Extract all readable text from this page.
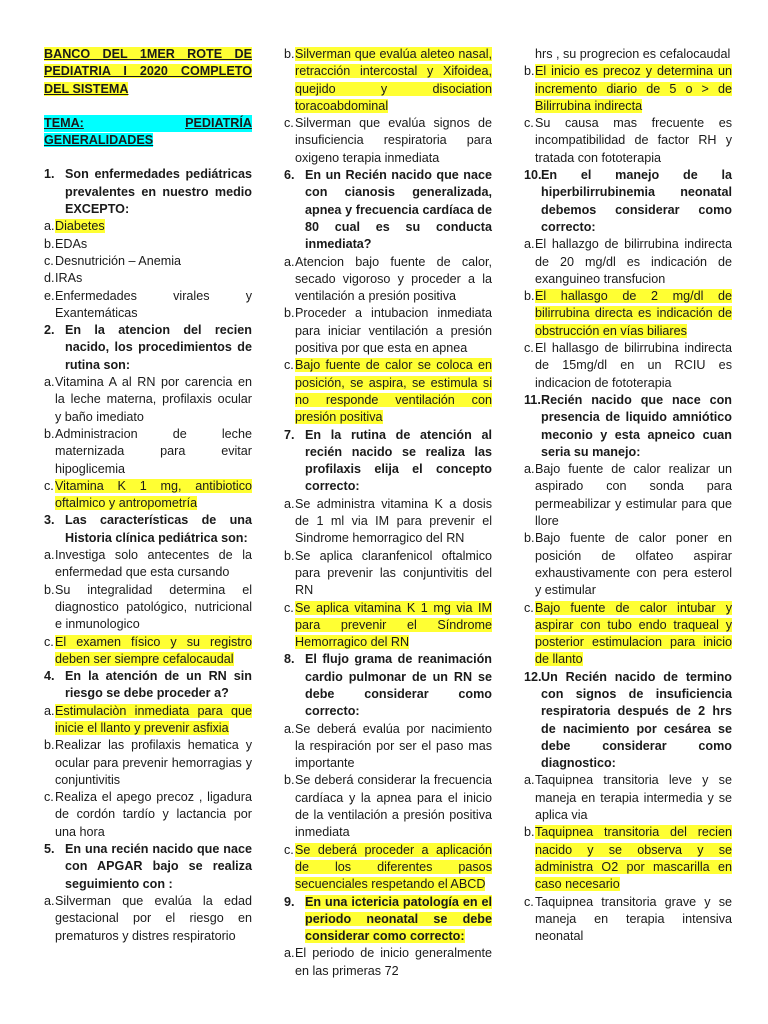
BANCO DEL 1MER ROTE DE PEDIATRIA I 2020 COMPLETO DEL SISTEMA
TEMA:	PEDIATRÍA
GENERALIDADES
1. Son enfermedades pediátricas prevalentes en nuestro medio EXCEPTO:
a. Diabetes
b. EDAs
c. Desnutrición – Anemia
d. IRAs
e. Enfermedades virales y Exantemáticas
2. En la atencion del recien nacido, los procedimientos de rutina son:
a. Vitamina A al RN por carencia en la leche materna, profilaxis ocular y baño imediato
b. Administracion de leche maternizada para evitar hipoglicemia
c. Vitamina K 1 mg, antibiotico oftalmico y antropometría
3. Las características de una Historia clínica pediátrica son:
a. Investiga solo antecentes de la enfermedad que esta cursando
b. Su integralidad determina el diagnostico patológico, nutricional e inmunologico
c. El examen físico y su registro deben ser siempre cefalocaudal
4. En la atención de un RN sin riesgo se debe proceder a?
a. Estimulaciòn inmediata para que inicie el llanto y prevenir asfixia
b. Realizar las profilaxis hematica y ocular para prevenir hemorragias y conjuntivitis
c. Realiza el apego precoz , ligadura de cordón tardío y lactancia por una hora
5. En una recién nacido que nace con APGAR bajo se realiza seguimiento con :
a. Silverman que evalúa la edad gestacional por el riesgo en prematuros y distres respiratorio
b. Silverman que evalúa aleteo nasal, retracción intercostal y Xifoidea, quejido y disociation toracoabdominal
c. Silverman que evalúa signos de insuficiencia respiratoria para oxigeno terapia inmediata
6. En un Recién nacido que nace con cianosis generalizada, apnea y frecuencia cardíaca de 80 cual es su conducta inmediata?
a. Atencion bajo fuente de calor, secado vigoroso y proceder a la ventilación a presión positiva
b. Proceder a intubacion inmediata para iniciar ventilación a presión positiva por que esta en apnea
c. Bajo fuente de calor se coloca en posición, se aspira, se estimula si no responde ventilación con presión positiva
7. En la rutina de atención al recién nacido se realiza las profilaxis elija el concepto correcto:
a. Se administra vitamina K a dosis de 1 ml via IM para prevenir el Sindrome hemorragico del RN
b. Se aplica claranfenicol oftalmico para prevenir las conjuntivitis del RN
c. Se aplica vitamina K 1 mg via IM para prevenir el Síndrome Hemorragico del RN
8. El flujo grama de reanimación cardio pulmonar de un RN se debe considerar como correcto:
a. Se deberá evalúa por nacimiento la respiración por ser el paso mas importante
b. Se deberá considerar la frecuencia cardíaca y la apnea para el inicio de la ventilación a presión positiva inmediata
c. Se deberá proceder a aplicación de los diferentes pasos secuenciales respetando el ABCD
9. En una ictericia patología en el periodo neonatal se debe considerar como correcto:
a. El periodo de inicio generalmente en las primeras 72
hrs , su progrecion es cefalocaudal
b. El inicio es precoz y determina un incremento diario de 5 o > de Bilirrubina indirecta
c. Su causa mas frecuente es incompatibilidad de factor RH y tratada con fototerapia
10. En el manejo de la hiperbilirrubinemia neonatal debemos considerar como correcto:
a. El hallazgo de bilirrubina indirecta de 20 mg/dl es indicación de exanguineo transfucion
b. El hallasgo de 2 mg/dl de bilirrubina directa es indicación de obstrucción en vías biliares
c. El hallasgo de bilirrubina indirecta de 15mg/dl en un RCIU es indicacion de fototerapia
11. Recién nacido que nace con presencia de liquido amniótico meconio y esta apneico cuan seria su manejo:
a. Bajo fuente de calor realizar un aspirado con sonda para permeabilizar y estimular para que llore
b. Bajo fuente de calor poner en posición de olfateo aspirar exhaustivamente con pera esterol y estimular
c. Bajo fuente de calor intubar y aspirar con tubo endo traqueal y posterior estimulacion para inicio de llanto
12. Un Recién nacido de termino con signos de insuficiencia respiratoria después de 2 hrs de nacimiento por cesárea se debe considerar como diagnostico:
a. Taquipnea transitoria leve y se maneja en terapia intermedia y se aplica via
b. Taquipnea transitoria del recien nacido y se observa y se administra O2 por mascarilla en caso necesario
c. Taquipnea transitoria grave y se maneja en terapia intensiva neonatal
